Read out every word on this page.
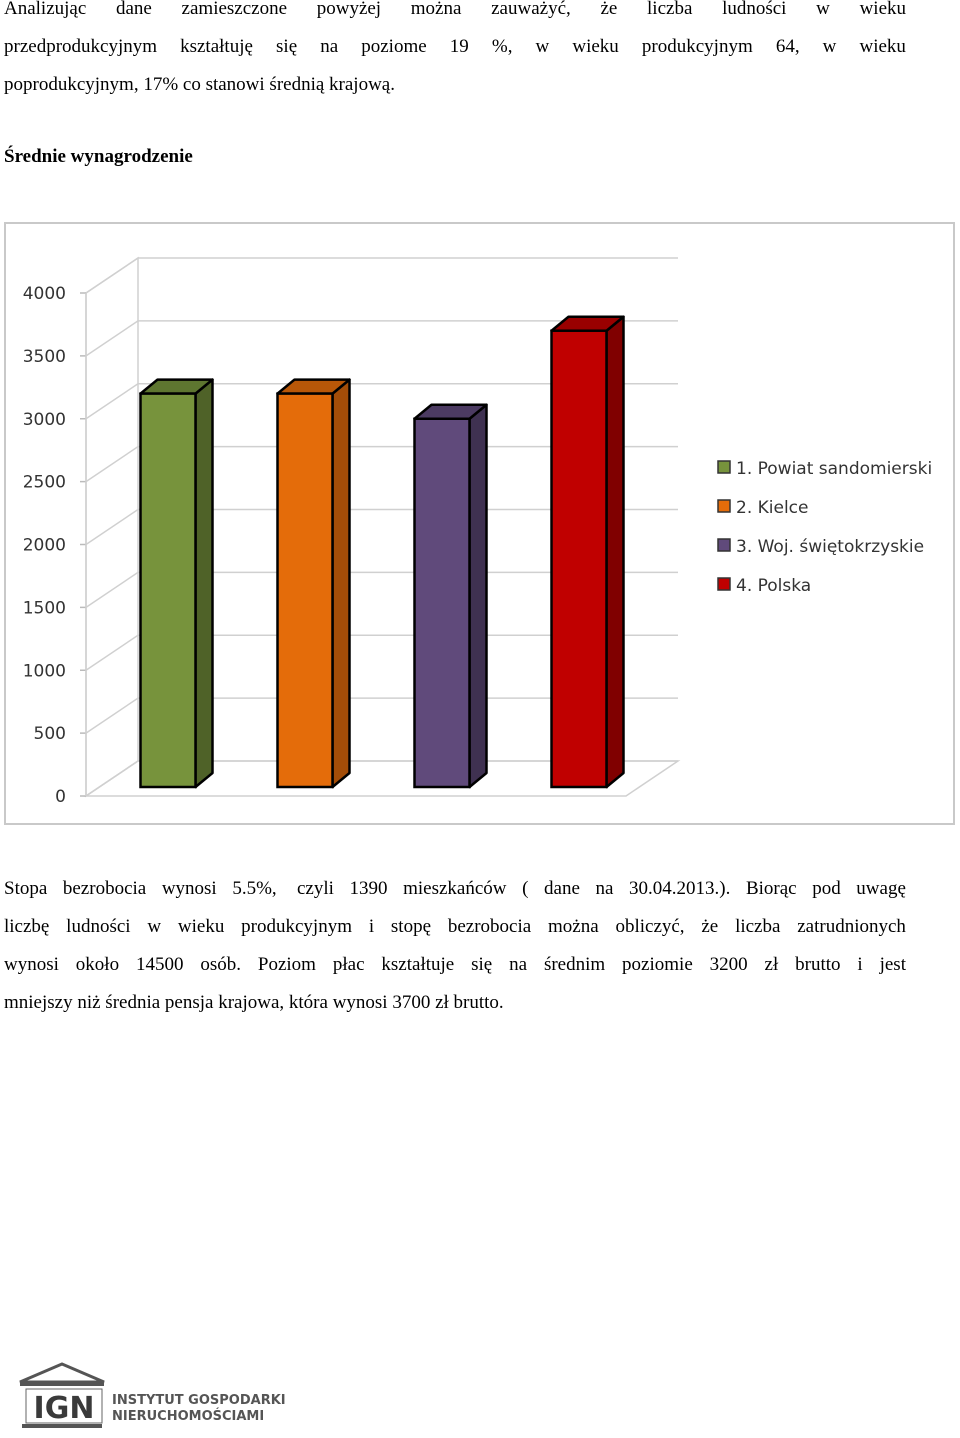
Analizując dane zamieszczone powyżej można zauważyć, że liczba ludności w wieku
przedprodukcyjnym kształtuję się na poziome 19 %, w wieku produkcyjnym 64, w wieku
poprodukcyjnym, 17% co stanowi średnią krajową.
Średnie wynagrodzenie
0
500
1000
1500
2000
2500
3000
3500
4000
1. Powiat sandomierski
2. Kielce
3. Woj. świętokrzyskie
4. Polska
Stopa bezrobocia wynosi 5.5%, czyli 1390 mieszkańców ( dane na 30.04.2013.). Biorąc pod uwagę
liczbę ludności w wieku produkcyjnym i stopę bezrobocia można obliczyć, że liczba zatrudnionych
wynosi około 14500 osób. Poziom płac kształtuje się na średnim poziomie 3200 zł brutto i jest
mniejszy niż średnia pensja krajowa, która wynosi 3700 zł brutto.
IGN INSTYTUT GOSPODARKI
NIERUCHOMOŚCIAMI
